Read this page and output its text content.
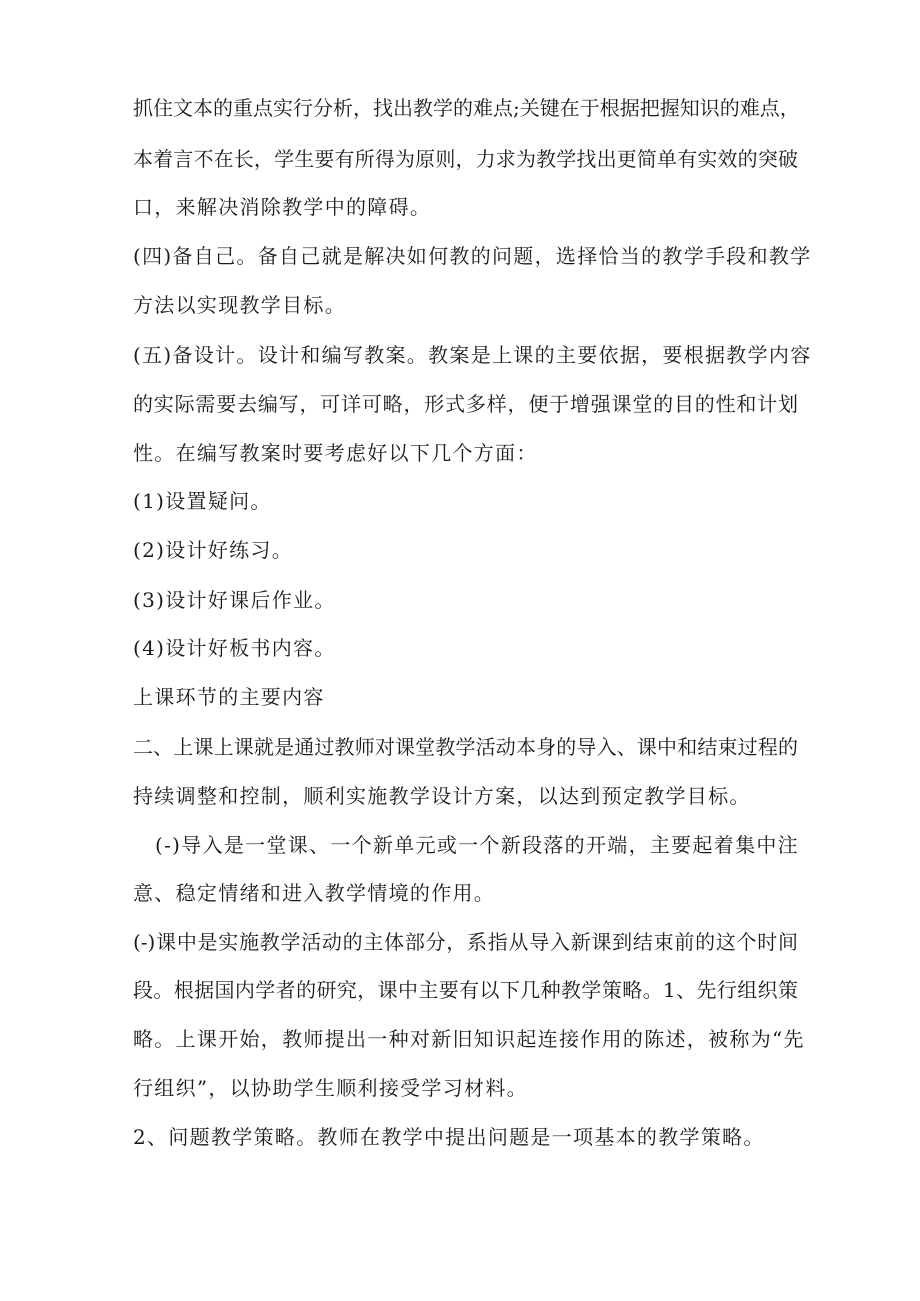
抓住文本的重点实行分析，找出教学的难点;关键在于根据把握知识的难点，
本着言不在长，学生要有所得为原则，力求为教学找出更简单有实效的突破
口，来解决消除教学中的障碍。
(四)备自己。备自己就是解决如何教的问题，选择恰当的教学手段和教学
方法以实现教学目标。
(五)备设计。设计和编写教案。教案是上课的主要依据，要根据教学内容
的实际需要去编写，可详可略，形式多样，便于增强课堂的目的性和计划
性。在编写教案时要考虑好以下几个方面：
(1)设置疑问。
(2)设计好练习。
(3)设计好课后作业。
(4)设计好板书内容。
上课环节的主要内容
二、上课上课就是通过教师对课堂教学活动本身的导入、课中和结束过程的
持续调整和控制，顺利实施教学设计方案，以达到预定教学目标。
(-)导入是一堂课、一个新单元或一个新段落的开端，主要起着集中注
意、稳定情绪和进入教学情境的作用。
(-)课中是实施教学活动的主体部分，系指从导入新课到结束前的这个时间
段。根据国内学者的研究，课中主要有以下几种教学策略。1、先行组织策
略。上课开始，教师提出一种对新旧知识起连接作用的陈述，被称为“先
行组织”，以协助学生顺利接受学习材料。
2、问题教学策略。教师在教学中提出问题是一项基本的教学策略。
